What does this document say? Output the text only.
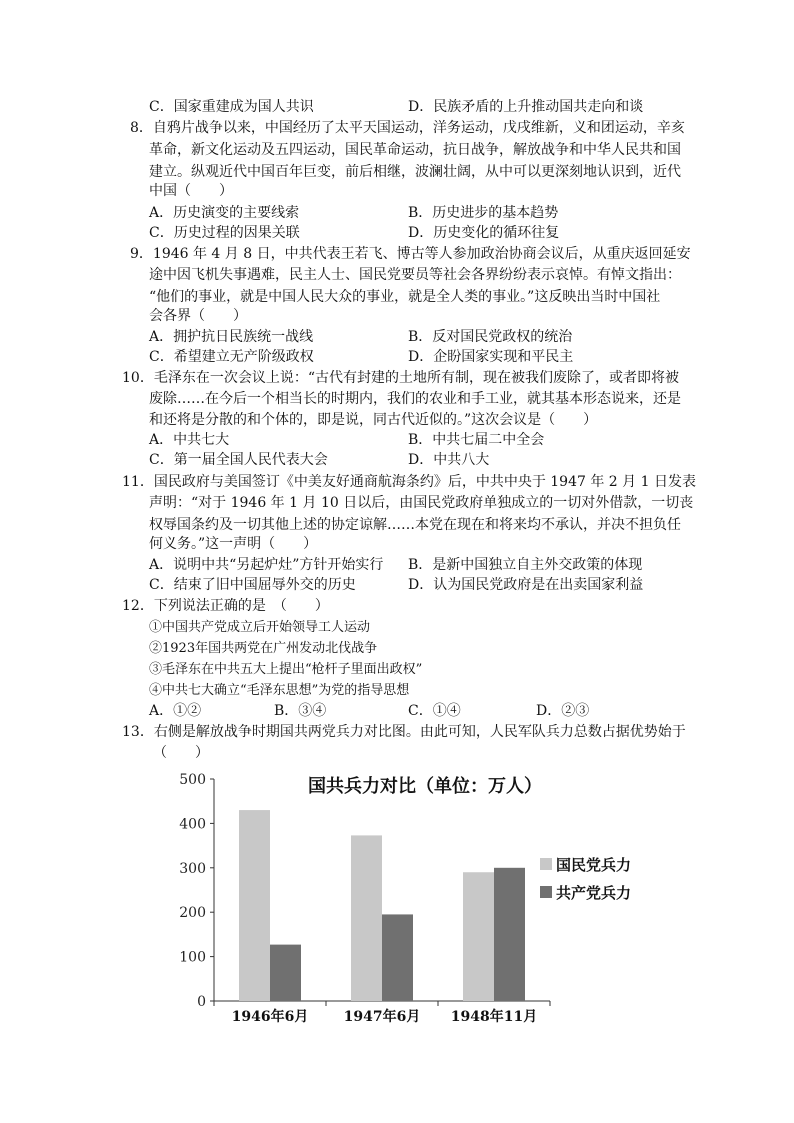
C．国家重建成为国人共识	D．民族矛盾的上升推动国共走向和谈
8．自鸦片战争以来，中国经历了太平天国运动，洋务运动，戊戌维新，义和团运动，辛亥
革命，新文化运动及五四运动，国民革命运动，抗日战争，解放战争和中华人民共和国
建立。纵观近代中国百年巨变，前后相继，波澜壮阔，从中可以更深刻地认识到，近代
中国（　　）
A．历史演变的主要线索	B．历史进步的基本趋势
C．历史过程的因果关联	D．历史变化的循环往复
9．1946 年 4 月 8 日，中共代表王若飞、博古等人参加政治协商会议后，从重庆返回延安
途中因飞机失事遇难，民主人士、国民党要员等社会各界纷纷表示哀悼。有悼文指出：
“他们的事业，就是中国人民大众的事业，就是全人类的事业。”这反映出当时中国社
会各界（　　）
A．拥护抗日民族统一战线	B．反对国民党政权的统治
C．希望建立无产阶级政权	D．企盼国家实现和平民主
10．毛泽东在一次会议上说：“古代有封建的土地所有制，现在被我们废除了，或者即将被
废除……在今后一个相当长的时期内，我们的农业和手工业，就其基本形态说来，还是
和还将是分散的和个体的，即是说，同古代近似的。”这次会议是（　　）
A．中共七大	B．中共七届二中全会
C．第一届全国人民代表大会	D．中共八大
11．国民政府与美国签订《中美友好通商航海条约》后，中共中央于 1947 年 2 月 1 日发表
声明：“对于 1946 年 1 月 10 日以后，由国民党政府单独成立的一切对外借款，一切丧
权辱国条约及一切其他上述的协定谅解……本党在现在和将来均不承认，并决不担负任
何义务。”这一声明（　　）
A．说明中共“另起炉灶”方针开始实行 B．是新中国独立自主外交政策的体现
C．结束了旧中国屈辱外交的历史	D．认为国民党政府是在出卖国家利益
12．下列说法正确的是　（　　）
①中国共产党成立后开始领导工人运动
②1923年国共两党在广州发动北伐战争
③毛泽东在中共五大上提出“枪杆子里面出政权”
④中共七大确立“毛泽东思想”为党的指导思想
A．①②	B．③④	C．①④	D．②③
13．右侧是解放战争时期国共两党兵力对比图。由此可知，人民军队兵力总数占据优势始于
（　　）
0
100
200
300
400
500
1946年6月	1947年6月 1948年11月
国共兵力对比（单位：万人）
国民党兵力
共产党兵力
